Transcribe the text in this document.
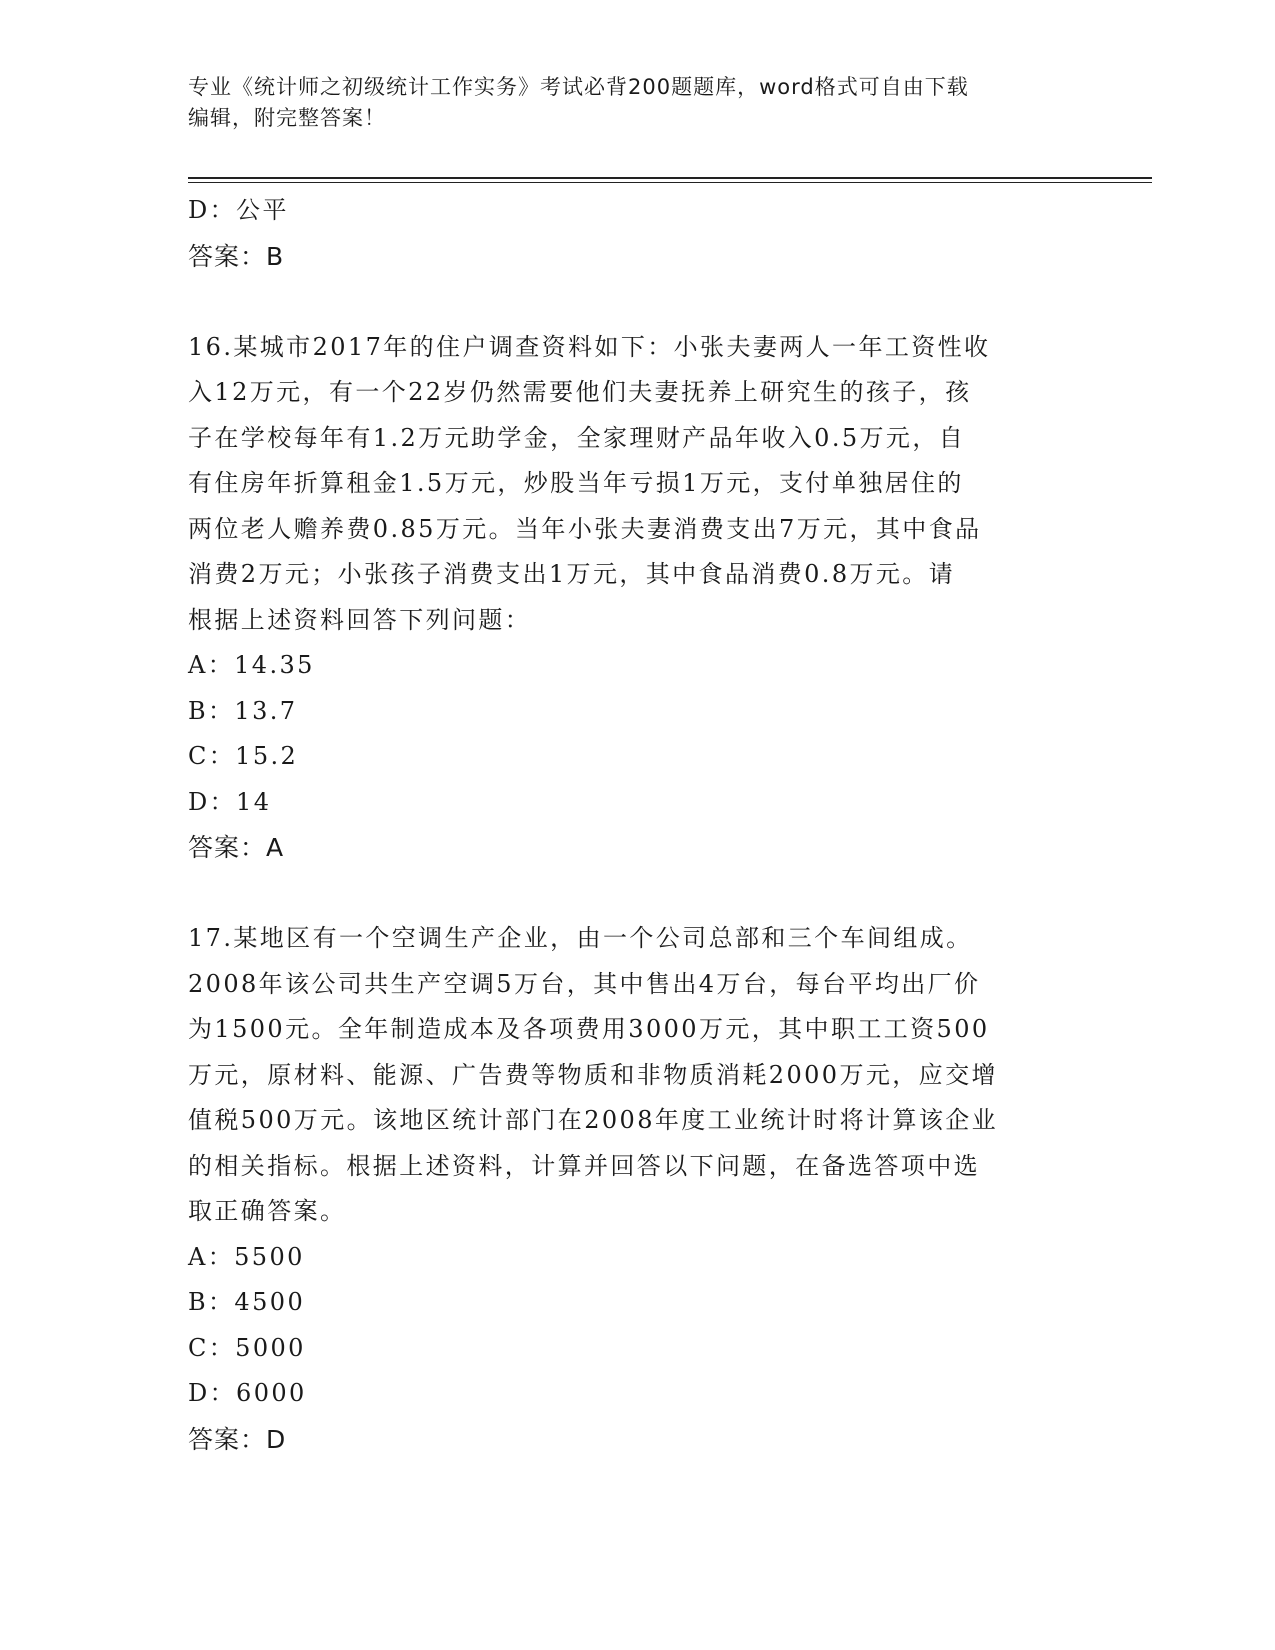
专业《统计师之初级统计工作实务》考试必背200题题库，word格式可自由下载
编辑，附完整答案！
D：公平
答案：B
16.某城市2017年的住户调查资料如下：小张夫妻两人一年工资性收
入12万元，有一个22岁仍然需要他们夫妻抚养上研究生的孩子，孩
子在学校每年有1.2万元助学金，全家理财产品年收入0.5万元，自
有住房年折算租金1.5万元，炒股当年亏损1万元，支付单独居住的
两位老人赡养费0.85万元。当年小张夫妻消费支出7万元，其中食品
消费2万元；小张孩子消费支出1万元，其中食品消费0.8万元。请
根据上述资料回答下列问题：
A：14.35
B：13.7
C：15.2
D：14
答案：A
17.某地区有一个空调生产企业，由一个公司总部和三个车间组成。
2008年该公司共生产空调5万台，其中售出4万台，每台平均出厂价
为1500元。全年制造成本及各项费用3000万元，其中职工工资500
万元，原材料、能源、广告费等物质和非物质消耗2000万元，应交增
值税500万元。该地区统计部门在2008年度工业统计时将计算该企业
的相关指标。根据上述资料，计算并回答以下问题，在备选答项中选
取正确答案。
A：5500
B：4500
C：5000
D：6000
答案：D
